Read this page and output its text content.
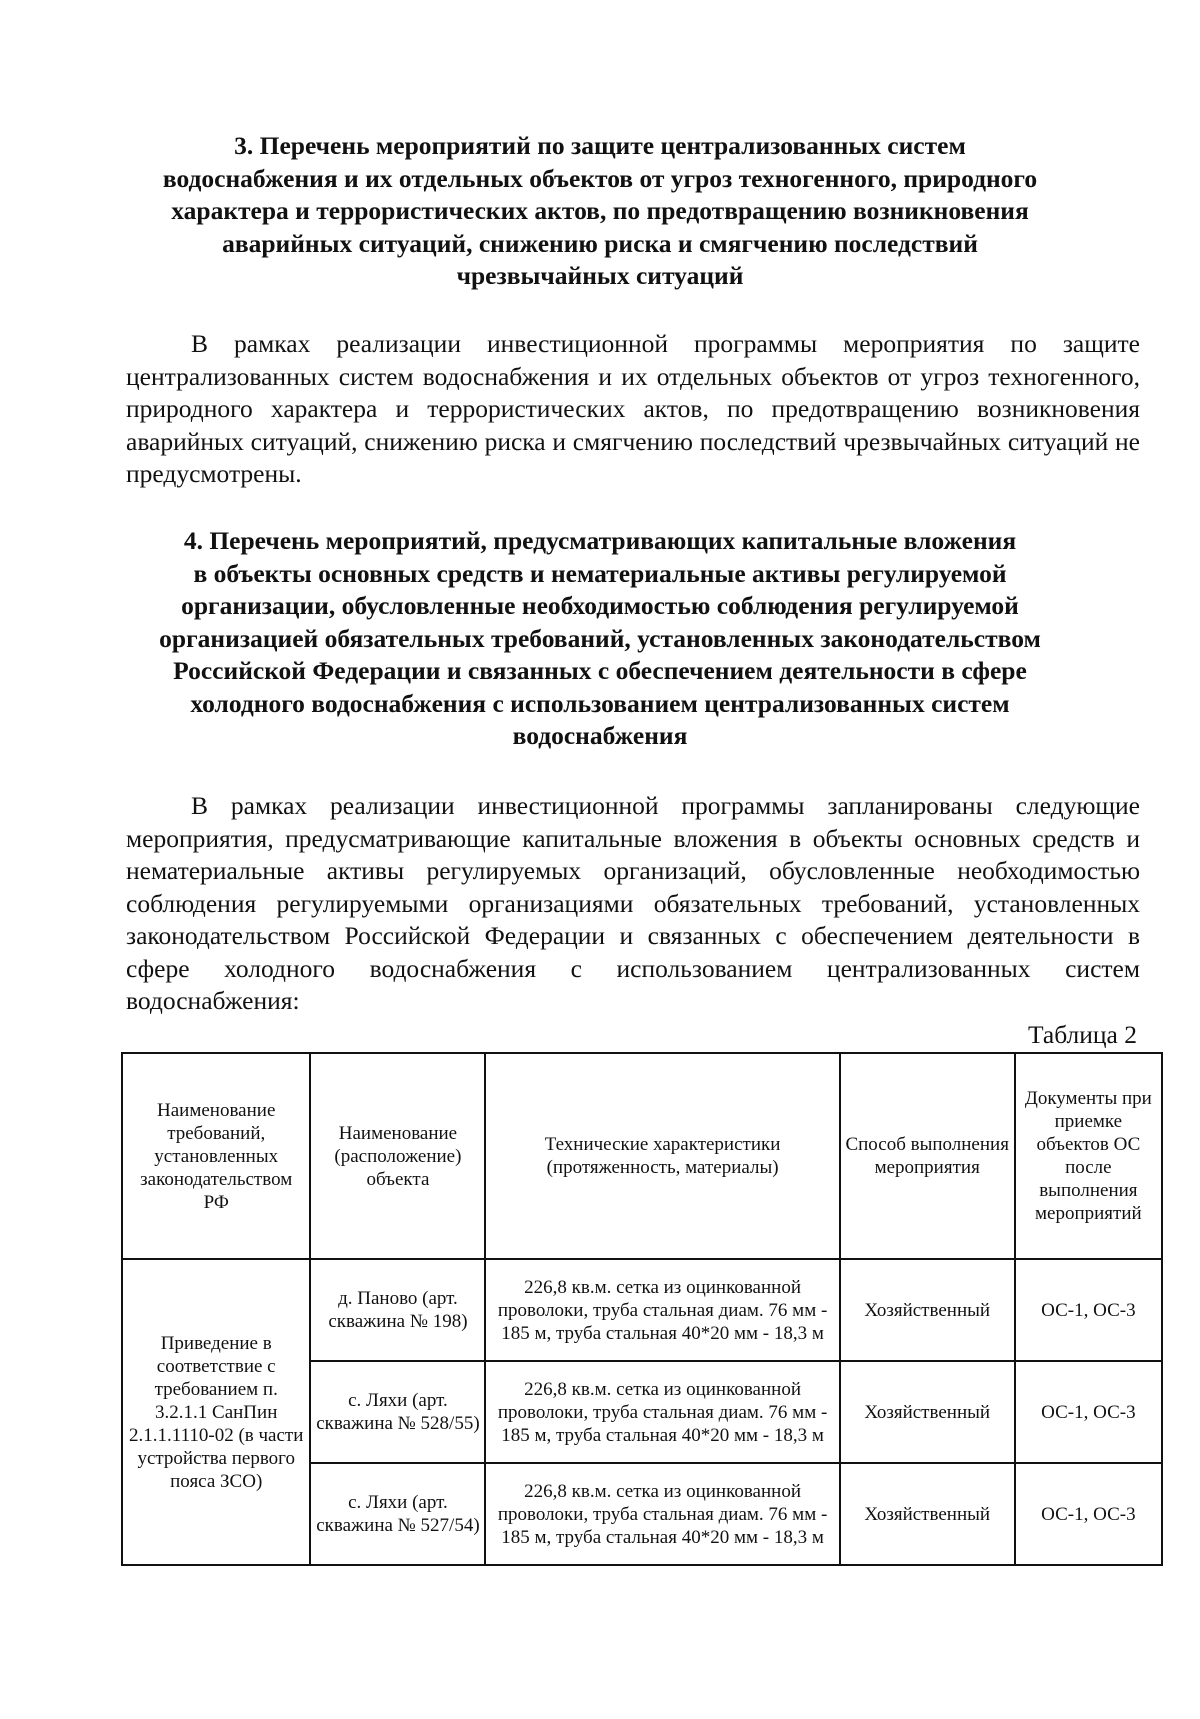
3. Перечень мероприятий по защите централизованных систем
водоснабжения и их отдельных объектов от угроз техногенного, природного
характера и террористических актов, по предотвращению возникновения
аварийных ситуаций, снижению риска и смягчению последствий
чрезвычайных ситуаций
В рамках реализации инвестиционной программы мероприятия по защите централизованных систем водоснабжения и их отдельных объектов от угроз техногенного, природного характера и террористических актов, по предотвращению возникновения аварийных ситуаций, снижению риска и смягчению последствий чрезвычайных ситуаций не предусмотрены.
4. Перечень мероприятий, предусматривающих капитальные вложения
в объекты основных средств и нематериальные активы регулируемой
организации, обусловленные необходимостью соблюдения регулируемой
организацией обязательных требований, установленных законодательством
Российской Федерации и связанных с обеспечением деятельности в сфере
холодного водоснабжения с использованием централизованных систем
водоснабжения
В рамках реализации инвестиционной программы запланированы следующие мероприятия, предусматривающие капитальные вложения в объекты основных средств и нематериальные активы регулируемых организаций, обусловленные необходимостью соблюдения регулируемыми организациями обязательных требований, установленных законодательством Российской Федерации и связанных с обеспечением деятельности в сфере холодного водоснабжения с использованием централизованных систем водоснабжения:
Таблица 2
Наименование требований, установленных законодательством РФ	Наименование (расположение) объекта	Технические характеристики (протяженность, материалы)	Способ выполнения мероприятия	Документы при приемке объектов ОС после выполнения мероприятий
Приведение в соответствие с требованием п. 3.2.1.1 СанПин 2.1.1.1110-02 (в части устройства первого пояса ЗСО)	д. Паново (арт. скважина № 198)	226,8 кв.м. сетка из оцинкованной проволоки, труба стальная диам. 76 мм - 185 м, труба стальная 40*20 мм - 18,3 м	Хозяйственный	ОС-1, ОС-3
	с. Ляхи (арт. скважина № 528/55)	226,8 кв.м. сетка из оцинкованной проволоки, труба стальная диам. 76 мм - 185 м, труба стальная 40*20 мм - 18,3 м	Хозяйственный	ОС-1, ОС-3
	с. Ляхи (арт. скважина № 527/54)	226,8 кв.м. сетка из оцинкованной проволоки, труба стальная диам. 76 мм - 185 м, труба стальная 40*20 мм - 18,3 м	Хозяйственный	ОС-1, ОС-3
